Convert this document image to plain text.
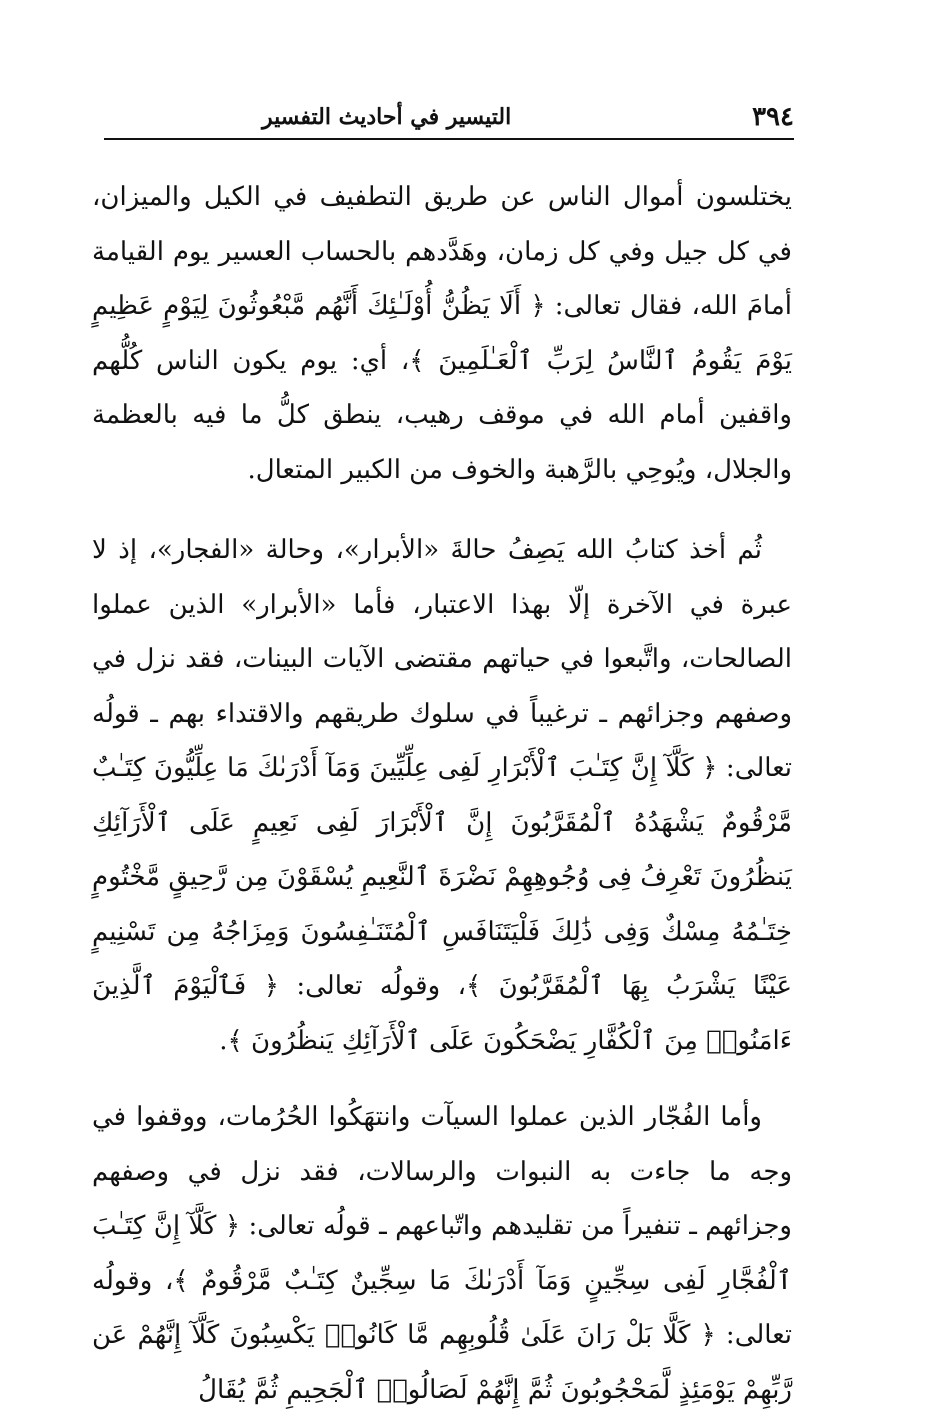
٣٩٤
التيسير في أحاديث التفسير

يختلسون أموال الناس عن طريق التطفيف في الكيل والميزان، في كل جيل وفي كل زمان، وهَدَّدهم بالحساب العسير يوم القيامة أمامَ الله، فقال تعالى: ﴿ أَلَا يَظُنُّ أُوْلَـٰئِكَ أَنَّهُم مَّبْعُوثُونَ لِيَوْمٍ عَظِيمٍ يَوْمَ يَقُومُ ٱلنَّاسُ لِرَبِّ ٱلْعَـٰلَمِينَ ﴾، أي: يوم يكون الناس كُلُّهم واقفين أمام الله في موقف رهيب، ينطق كلُّ ما فيه بالعظمة والجلال، ويُوحِي بالرَّهبة والخوف من الكبير المتعال.

ثُم أخذ كتابُ الله يَصِفُ حالةَ «الأبرار»، وحالة «الفجار»، إذ لا عبرة في الآخرة إلّا بهذا الاعتبار، فأما «الأبرار» الذين عملوا الصالحات، واتَّبعوا في حياتهم مقتضى الآيات البينات، فقد نزل في وصفهم وجزائهم ـ ترغيباً في سلوك طريقهم والاقتداء بهم ـ قولُه تعالى: ﴿ كَلَّآ إِنَّ كِتَـٰبَ ٱلْأَبْرَارِ لَفِى عِلِّيِّينَ وَمَآ أَدْرَىٰكَ مَا عِلِّيُّونَ كِتَـٰبٌ مَّرْقُومٌ يَشْهَدُهُ ٱلْمُقَرَّبُونَ إِنَّ ٱلْأَبْرَارَ لَفِى نَعِيمٍ عَلَى ٱلْأَرَآئِكِ يَنظُرُونَ تَعْرِفُ فِى وُجُوهِهِمْ نَضْرَةَ ٱلنَّعِيمِ يُسْقَوْنَ مِن رَّحِيقٍ مَّخْتُومٍ خِتَـٰمُهُ مِسْكٌ وَفِى ذَٰلِكَ فَلْيَتَنَافَسِ ٱلْمُتَنَـٰفِسُونَ وَمِزَاجُهُ مِن تَسْنِيمٍ عَيْنًا يَشْرَبُ بِهَا ٱلْمُقَرَّبُونَ ﴾، وقولُه تعالى: ﴿ فَٱلْيَوْمَ ٱلَّذِينَ ءَامَنُوا۟ مِنَ ٱلْكُفَّارِ يَضْحَكُونَ عَلَى ٱلْأَرَآئِكِ يَنظُرُونَ ﴾.

وأما الفُجّار الذين عملوا السيآت وانتهَكُوا الحُرُمات، ووقفوا في وجه ما جاءت به النبوات والرسالات، فقد نزل في وصفهم وجزائهم ـ تنفيراً من تقليدهم واتّباعهم ـ قولُه تعالى: ﴿ كَلَّآ إِنَّ كِتَـٰبَ ٱلْفُجَّارِ لَفِى سِجِّينٍ وَمَآ أَدْرَىٰكَ مَا سِجِّينٌ كِتَـٰبٌ مَّرْقُومٌ ﴾، وقولُه تعالى: ﴿ كَلَّا بَلْ رَانَ عَلَىٰ قُلُوبِهِم مَّا كَانُوا۟ يَكْسِبُونَ كَلَّآ إِنَّهُمْ عَن رَّبِّهِمْ يَوْمَئِذٍ لَّمَحْجُوبُونَ ثُمَّ إِنَّهُمْ لَصَالُوا۟ ٱلْجَحِيمِ ثُمَّ يُقَالُ
